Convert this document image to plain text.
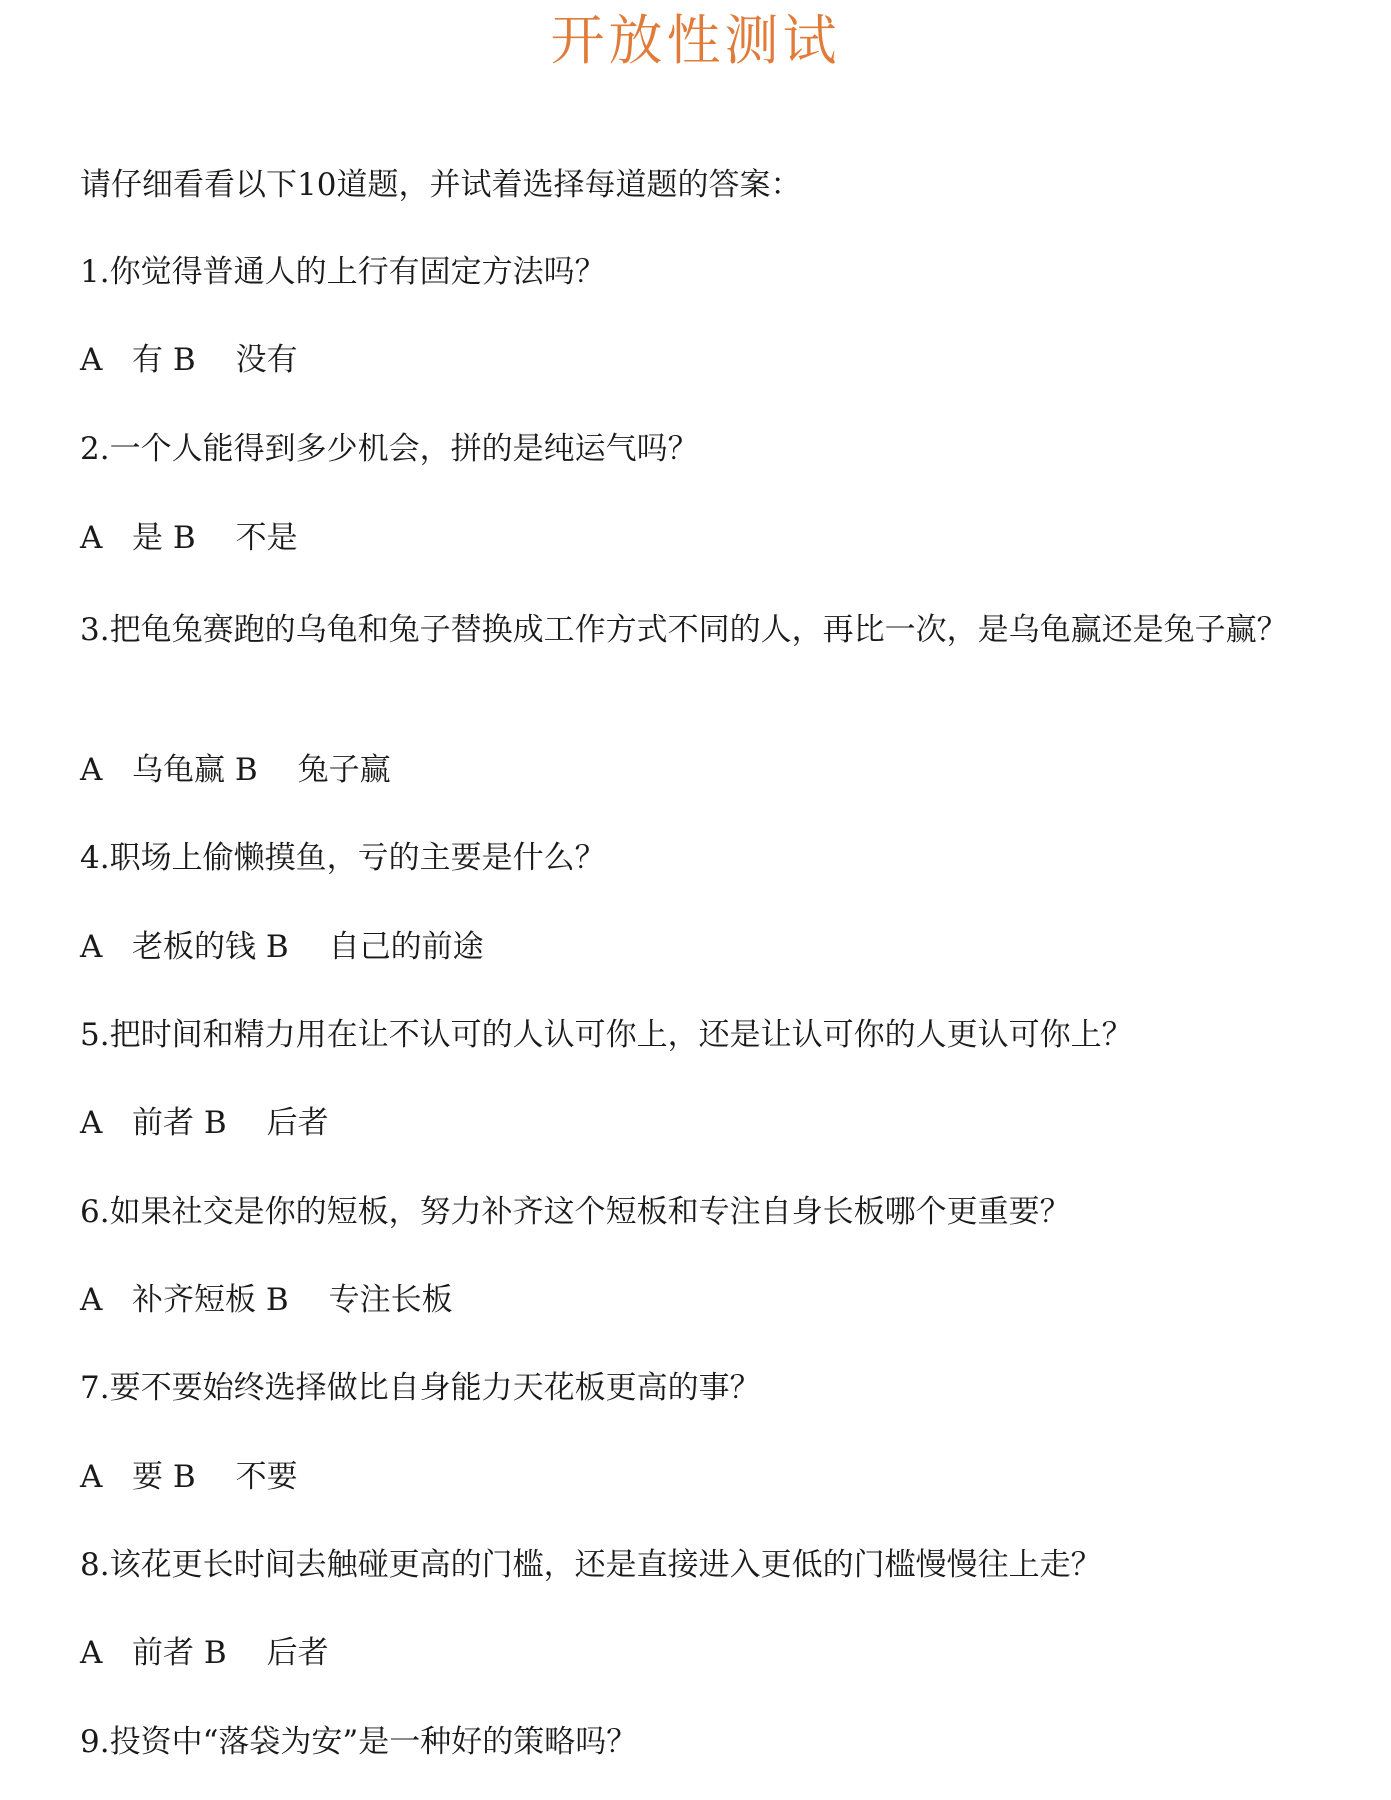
开放性测试
请仔细看看以下10道题，并试着选择每道题的答案：
1.你觉得普通人的上行有固定方法吗？
A 有 B 没有
2.一个人能得到多少机会，拼的是纯运气吗？
A 是 B 不是
3.把龟兔赛跑的乌龟和兔子替换成工作方式不同的人，再比一次，是乌龟赢还是兔子赢？
A 乌龟赢 B 兔子赢
4.职场上偷懒摸鱼，亏的主要是什么？
A 老板的钱 B 自己的前途
5.把时间和精力用在让不认可的人认可你上，还是让认可你的人更认可你上？
A 前者 B 后者
6.如果社交是你的短板，努力补齐这个短板和专注自身长板哪个更重要？
A 补齐短板 B 专注长板
7.要不要始终选择做比自身能力天花板更高的事？
A 要 B 不要
8.该花更长时间去触碰更高的门槛，还是直接进入更低的门槛慢慢往上走？
A 前者 B 后者
9.投资中“落袋为安”是一种好的策略吗？
